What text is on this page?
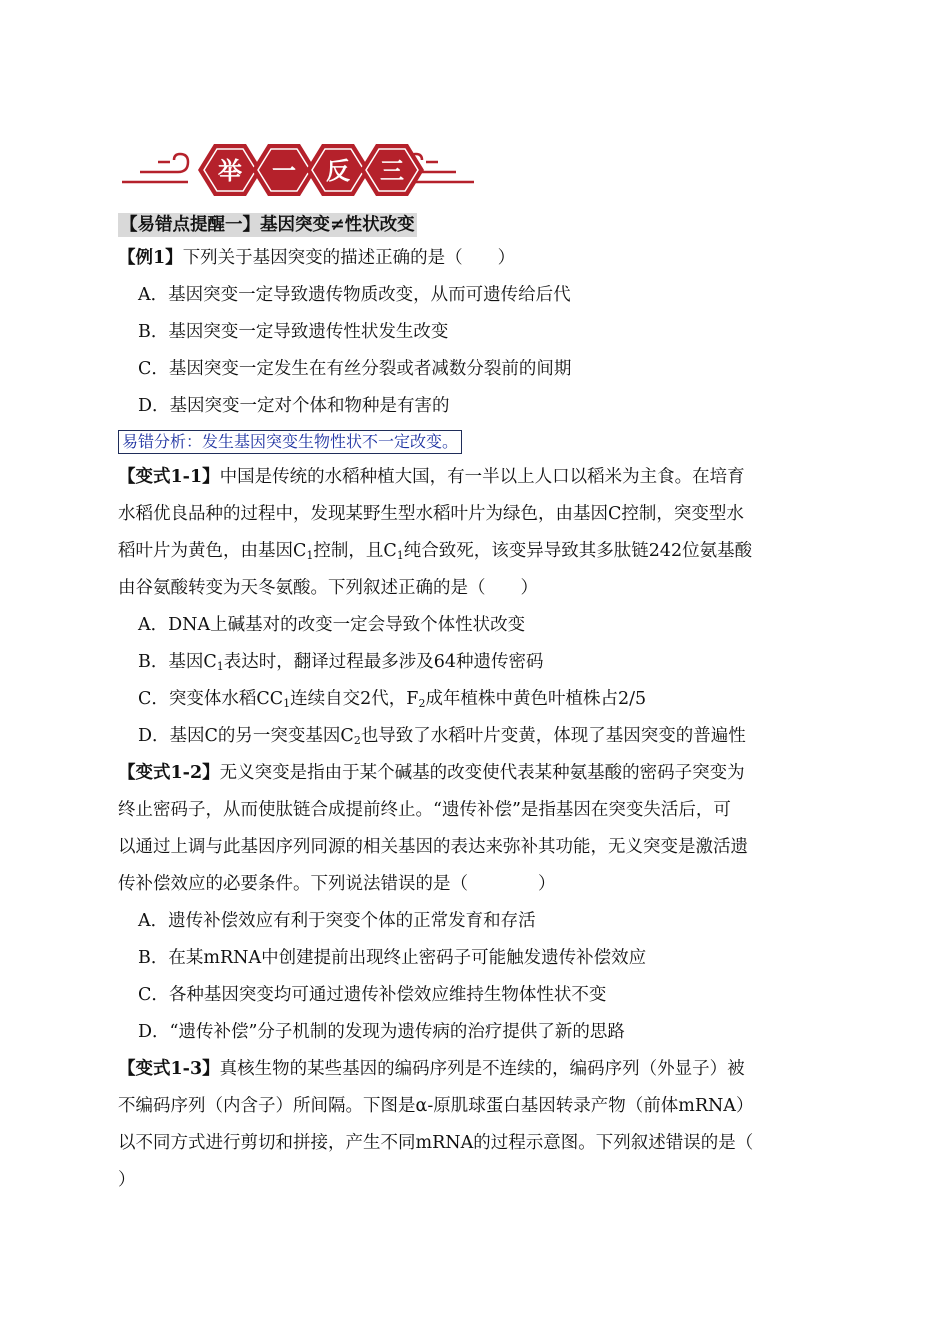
举 一 反 三
【易错点提醒一】基因突变≠性状改变
【例1】下列关于基因突变的描述正确的是（　　）
A．基因突变一定导致遗传物质改变，从而可遗传给后代
B．基因突变一定导致遗传性状发生改变
C．基因突变一定发生在有丝分裂或者减数分裂前的间期
D．基因突变一定对个体和物种是有害的
易错分析：发生基因突变生物性状不一定改变。
【变式1-1】中国是传统的水稻种植大国，有一半以上人口以稻米为主食。在培育
水稻优良品种的过程中，发现某野生型水稻叶片为绿色，由基因C控制，突变型水
稻叶片为黄色，由基因$C_1$控制，且$C_1$纯合致死，该变异导致其多肽链242位氨基酸
由谷氨酸转变为天冬氨酸。下列叙述正确的是（　　）
A．DNA上碱基对的改变一定会导致个体性状改变
B．基因$C_1$表达时，翻译过程最多涉及64种遗传密码
C．突变体水稻$CC_1$连续自交2代，$F_2$成年植株中黄色叶植株占2/5
D．基因C的另一突变基因$C_2$也导致了水稻叶片变黄，体现了基因突变的普遍性
【变式1-2】无义突变是指由于某个碱基的改变使代表某种氨基酸的密码子突变为
终止密码子，从而使肽链合成提前终止。“遗传补偿”是指基因在突变失活后，可
以通过上调与此基因序列同源的相关基因的表达来弥补其功能，无义突变是激活遗
传补偿效应的必要条件。下列说法错误的是（　　　　）
A．遗传补偿效应有利于突变个体的正常发育和存活
B．在某mRNA中创建提前出现终止密码子可能触发遗传补偿效应
C．各种基因突变均可通过遗传补偿效应维持生物体性状不变
D．“遗传补偿”分子机制的发现为遗传病的治疗提供了新的思路
【变式1-3】真核生物的某些基因的编码序列是不连续的，编码序列（外显子）被
不编码序列（内含子）所间隔。下图是α-原肌球蛋白基因转录产物（前体mRNA）
以不同方式进行剪切和拼接，产生不同mRNA的过程示意图。下列叙述错误的是（
）
